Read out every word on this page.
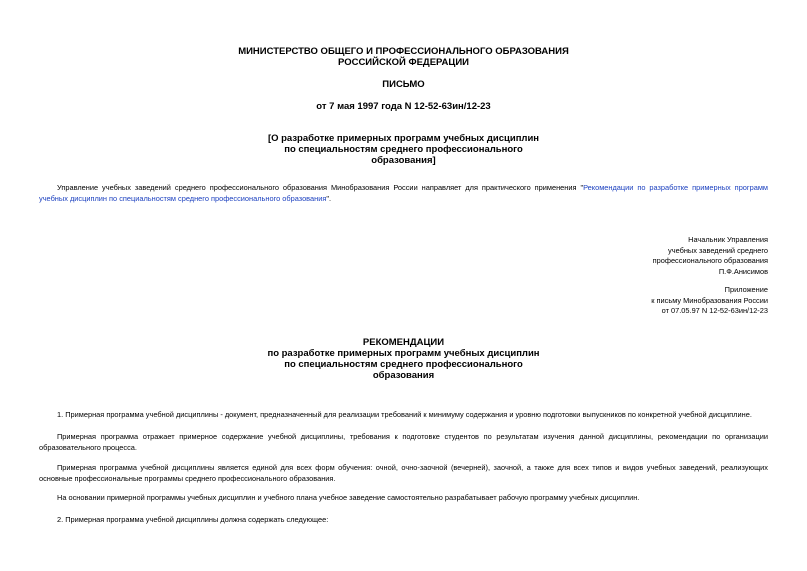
МИНИСТЕРСТВО ОБЩЕГО И ПРОФЕССИОНАЛЬНОГО ОБРАЗОВАНИЯ
РОССИЙСКОЙ ФЕДЕРАЦИИ

ПИСЬМО

от 7 мая 1997 года N 12-52-63ин/12-23

[О разработке примерных программ учебных дисциплин
по специальностям среднего профессионального
образования]

Управление учебных заведений среднего профессионального образования Минобразования России направляет для практического применения "Рекомендации по разработке примерных программ учебных дисциплин по специальностям среднего профессионального образования".

Начальник Управления
учебных заведений среднего
профессионального образования
П.Ф.Анисимов

Приложение
к письму Минобразования России
от 07.05.97 N 12-52-63ин/12-23

РЕКОМЕНДАЦИИ
по разработке примерных программ учебных дисциплин
по специальностям среднего профессионального
образования

1. Примерная программа учебной дисциплины - документ, предназначенный для реализации требований к минимуму содержания и уровню подготовки выпускников по конкретной учебной дисциплине.

Примерная программа отражает примерное содержание учебной дисциплины, требования к подготовке студентов по результатам изучения данной дисциплины, рекомендации по организации образовательного процесса.

Примерная программа учебной дисциплины является единой для всех форм обучения: очной, очно-заочной (вечерней), заочной, а также для всех типов и видов учебных заведений, реализующих основные профессиональные программы среднего профессионального образования.

На основании примерной программы учебных дисциплин и учебного плана учебное заведение самостоятельно разрабатывает рабочую программу учебных дисциплин.

2. Примерная программа учебной дисциплины должна содержать следующее:
